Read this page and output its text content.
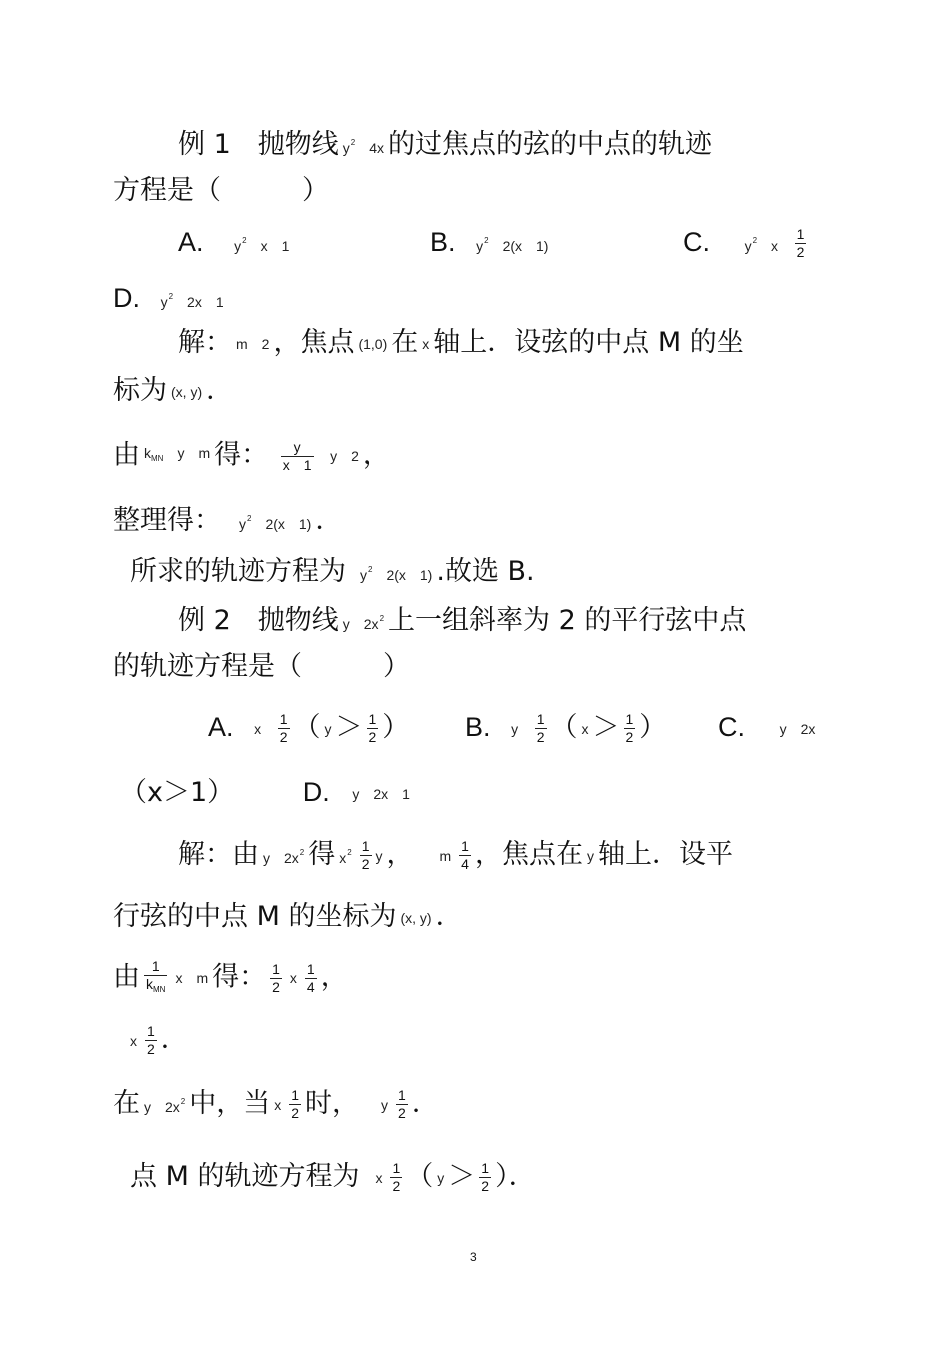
例 1　抛物线 $y^2$　 4x 的过焦点的弦的中点的轨迹
方程是（　　　）
A. $y^2$　 x　 1	B. $y^2$　 2(x　1)	C. $y^2$　 x $\frac{1}{2}$
D. $y^2$　 2x　1
解： m　 2 ，焦点 (1,0) 在 x 轴上．设弦的中点 M 的坐
标为 (x, y) ．
由$k_{MN}$　 y　 m 得： $\frac{y}{x 1}$ y　 2 ，
整理得： $y^2$　 2(x　1) ．
所求的轨迹方程为 $y^2$　 2(x　1) .故选 B.
例 2　抛物线 y　 $2x^2$ 上一组斜率为 2 的平行弦中点
的轨迹方程是（　　　）
A. x $\frac{1}{2}$ （ $y > \frac{1}{2}$ ） B. y $\frac{1}{2}$ （ $x > \frac{1}{2}$ ） C. y　 2x
（x＞1）	D. y　 2x　1
解：由 y　 $2x^2$ 得 $x^2 \frac{1}{2}$ y ， m $\frac{1}{4}$ ，焦点在 y 轴上．设平
行弦的中点 M 的坐标为 (x, y) ．
由 $\frac{1}{k_{MN}}$ x　 m 得： $\frac{1}{2}$ x $\frac{1}{4}$ ，
x $\frac{1}{2}$ ．
在y　 $2x^2$ 中，当 x $\frac{1}{2}$ 时， y $\frac{1}{2}$ ．
点 M 的轨迹方程为 x $\frac{1}{2}$ （ $y > \frac{1}{2}$ ）．
3
